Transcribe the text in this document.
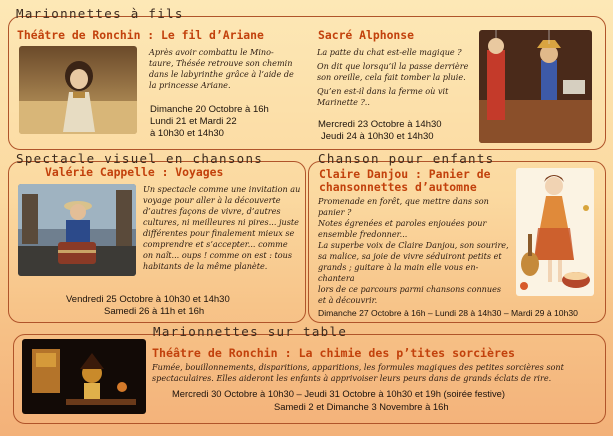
Marionnettes à fils
Théâtre de Ronchin : Le fil d’Ariane

Après avoir combattu le Mino-

taure, Thésée retrouve son chemin

dans le labyrinthe grâce à l’aide de

la princesse Ariane.

Dimanche 20 Octobre à 16h
Lundi 21 et Mardi 22
à 10h30 et 14h30
Sacré Alphonse

La patte du chat est-elle magique ?

On dit que lorsqu’il la passe derrière

son oreille, cela fait tomber la pluie.

Qu’en est-il dans la ferme où vit

Marinette ?..

Mercredi 23 Octobre à 14h30
Jeudi 24 à 10h30 et 14h30
Spectacle visuel en chansons
Valérie Cappelle : Voyages

Un spectacle comme une invitation au

voyage pour aller à la découverte

d’autres façons de vivre, d’autres

cultures, ni meilleures ni pires... juste

différentes pour finalement mieux se

comprendre et s’accepter... comme

on naît... oups ! comme on est : tous

habitants de la même planète.

Vendredi 25 Octobre à 10h30 et 14h30
Samedi 26 à 11h et 16h
Chanson pour enfants
Claire Danjou : Panier de
chansonnettes d’automne

Promenade en forêt, que mettre dans son panier ?

Notes égrenées et paroles enjouées pour

ensemble fredonner...

La superbe voix de Claire Danjou, son sourire,

sa malice, sa joie de vivre séduiront petits et

grands ; guitare à la main elle vous en-chantera

lors de ce parcours parmi chansons connues

et à découvrir.

Dimanche 27 Octobre à 16h – Lundi 28 à 14h30 – Mardi 29 à 10h30
Marionnettes sur table
Théâtre de Ronchin : La chimie des p’tites sorcières

Fumée, bouillonnements, disparitions, apparitions, les formules magiques des petites sorcières sont

spectaculaires. Elles aideront les enfants à apprivoiser leurs peurs dans de grands éclats de rire.

Mercredi 30 Octobre à 10h30 – Jeudi 31 Octobre à 10h30 et 19h (soirée festive)
Samedi 2 et Dimanche 3 Novembre à 16h
